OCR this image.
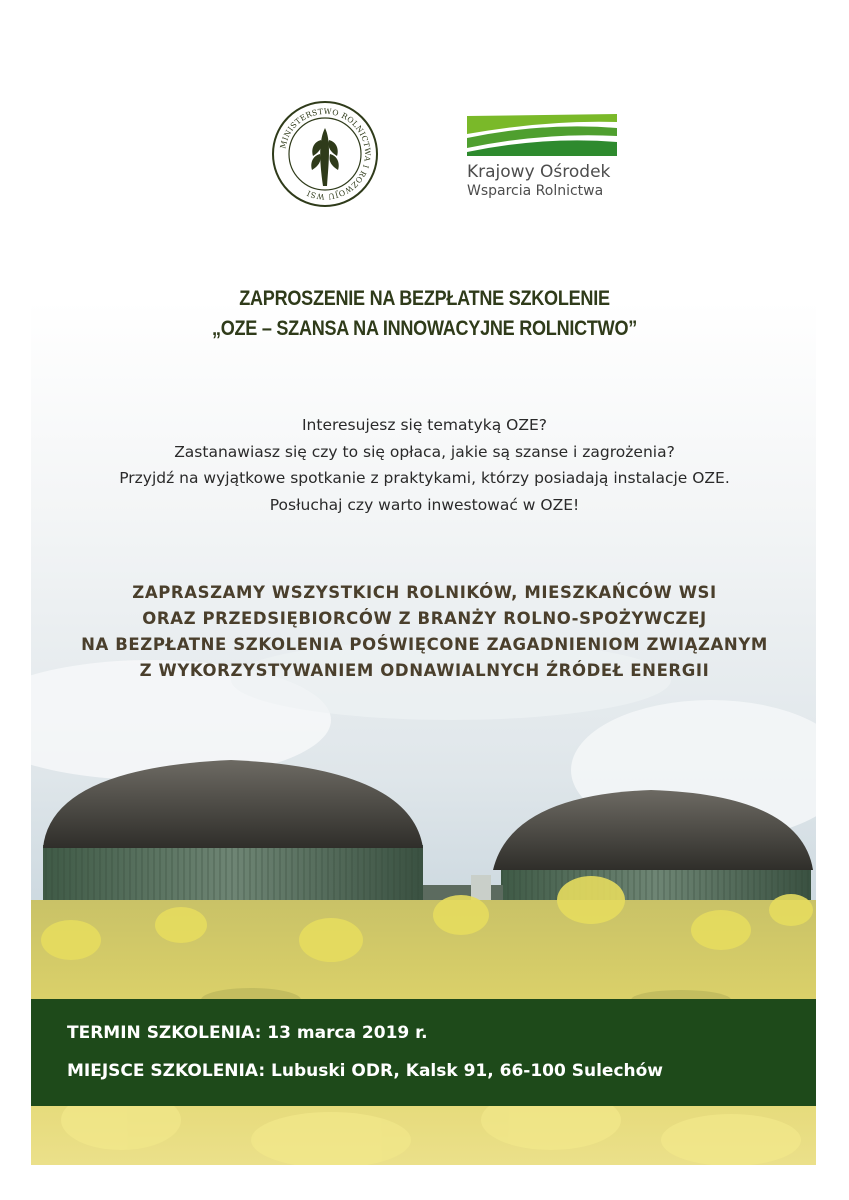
MINISTERSTWO ROLNICTWA I ROZWOJU WSI
Krajowy Ośrodek
Wsparcia Rolnictwa
ZAPROSZENIE NA BEZPŁATNE SZKOLENIE
„OZE – SZANSA NA INNOWACYJNE ROLNICTWO”
Interesujesz się tematyką OZE?
Zastanawiasz się czy to się opłaca, jakie są szanse i zagrożenia?
Przyjdź na wyjątkowe spotkanie z praktykami, którzy posiadają instalacje OZE.
Posłuchaj czy warto inwestować w OZE!
ZAPRASZAMY WSZYSTKICH ROLNIKÓW, MIESZKAŃCÓW WSI
ORAZ PRZEDSIĘBIORCÓW Z BRANŻY ROLNO-SPOŻYWCZEJ
NA BEZPŁATNE SZKOLENIA POŚWIĘCONE ZAGADNIENIOM ZWIĄZANYM
Z WYKORZYSTYWANIEM ODNAWIALNYCH ŹRÓDEŁ ENERGII
TERMIN SZKOLENIA: 13 marca 2019 r.
MIEJSCE SZKOLENIA: Lubuski ODR, Kalsk 91, 66-100 Sulechów
